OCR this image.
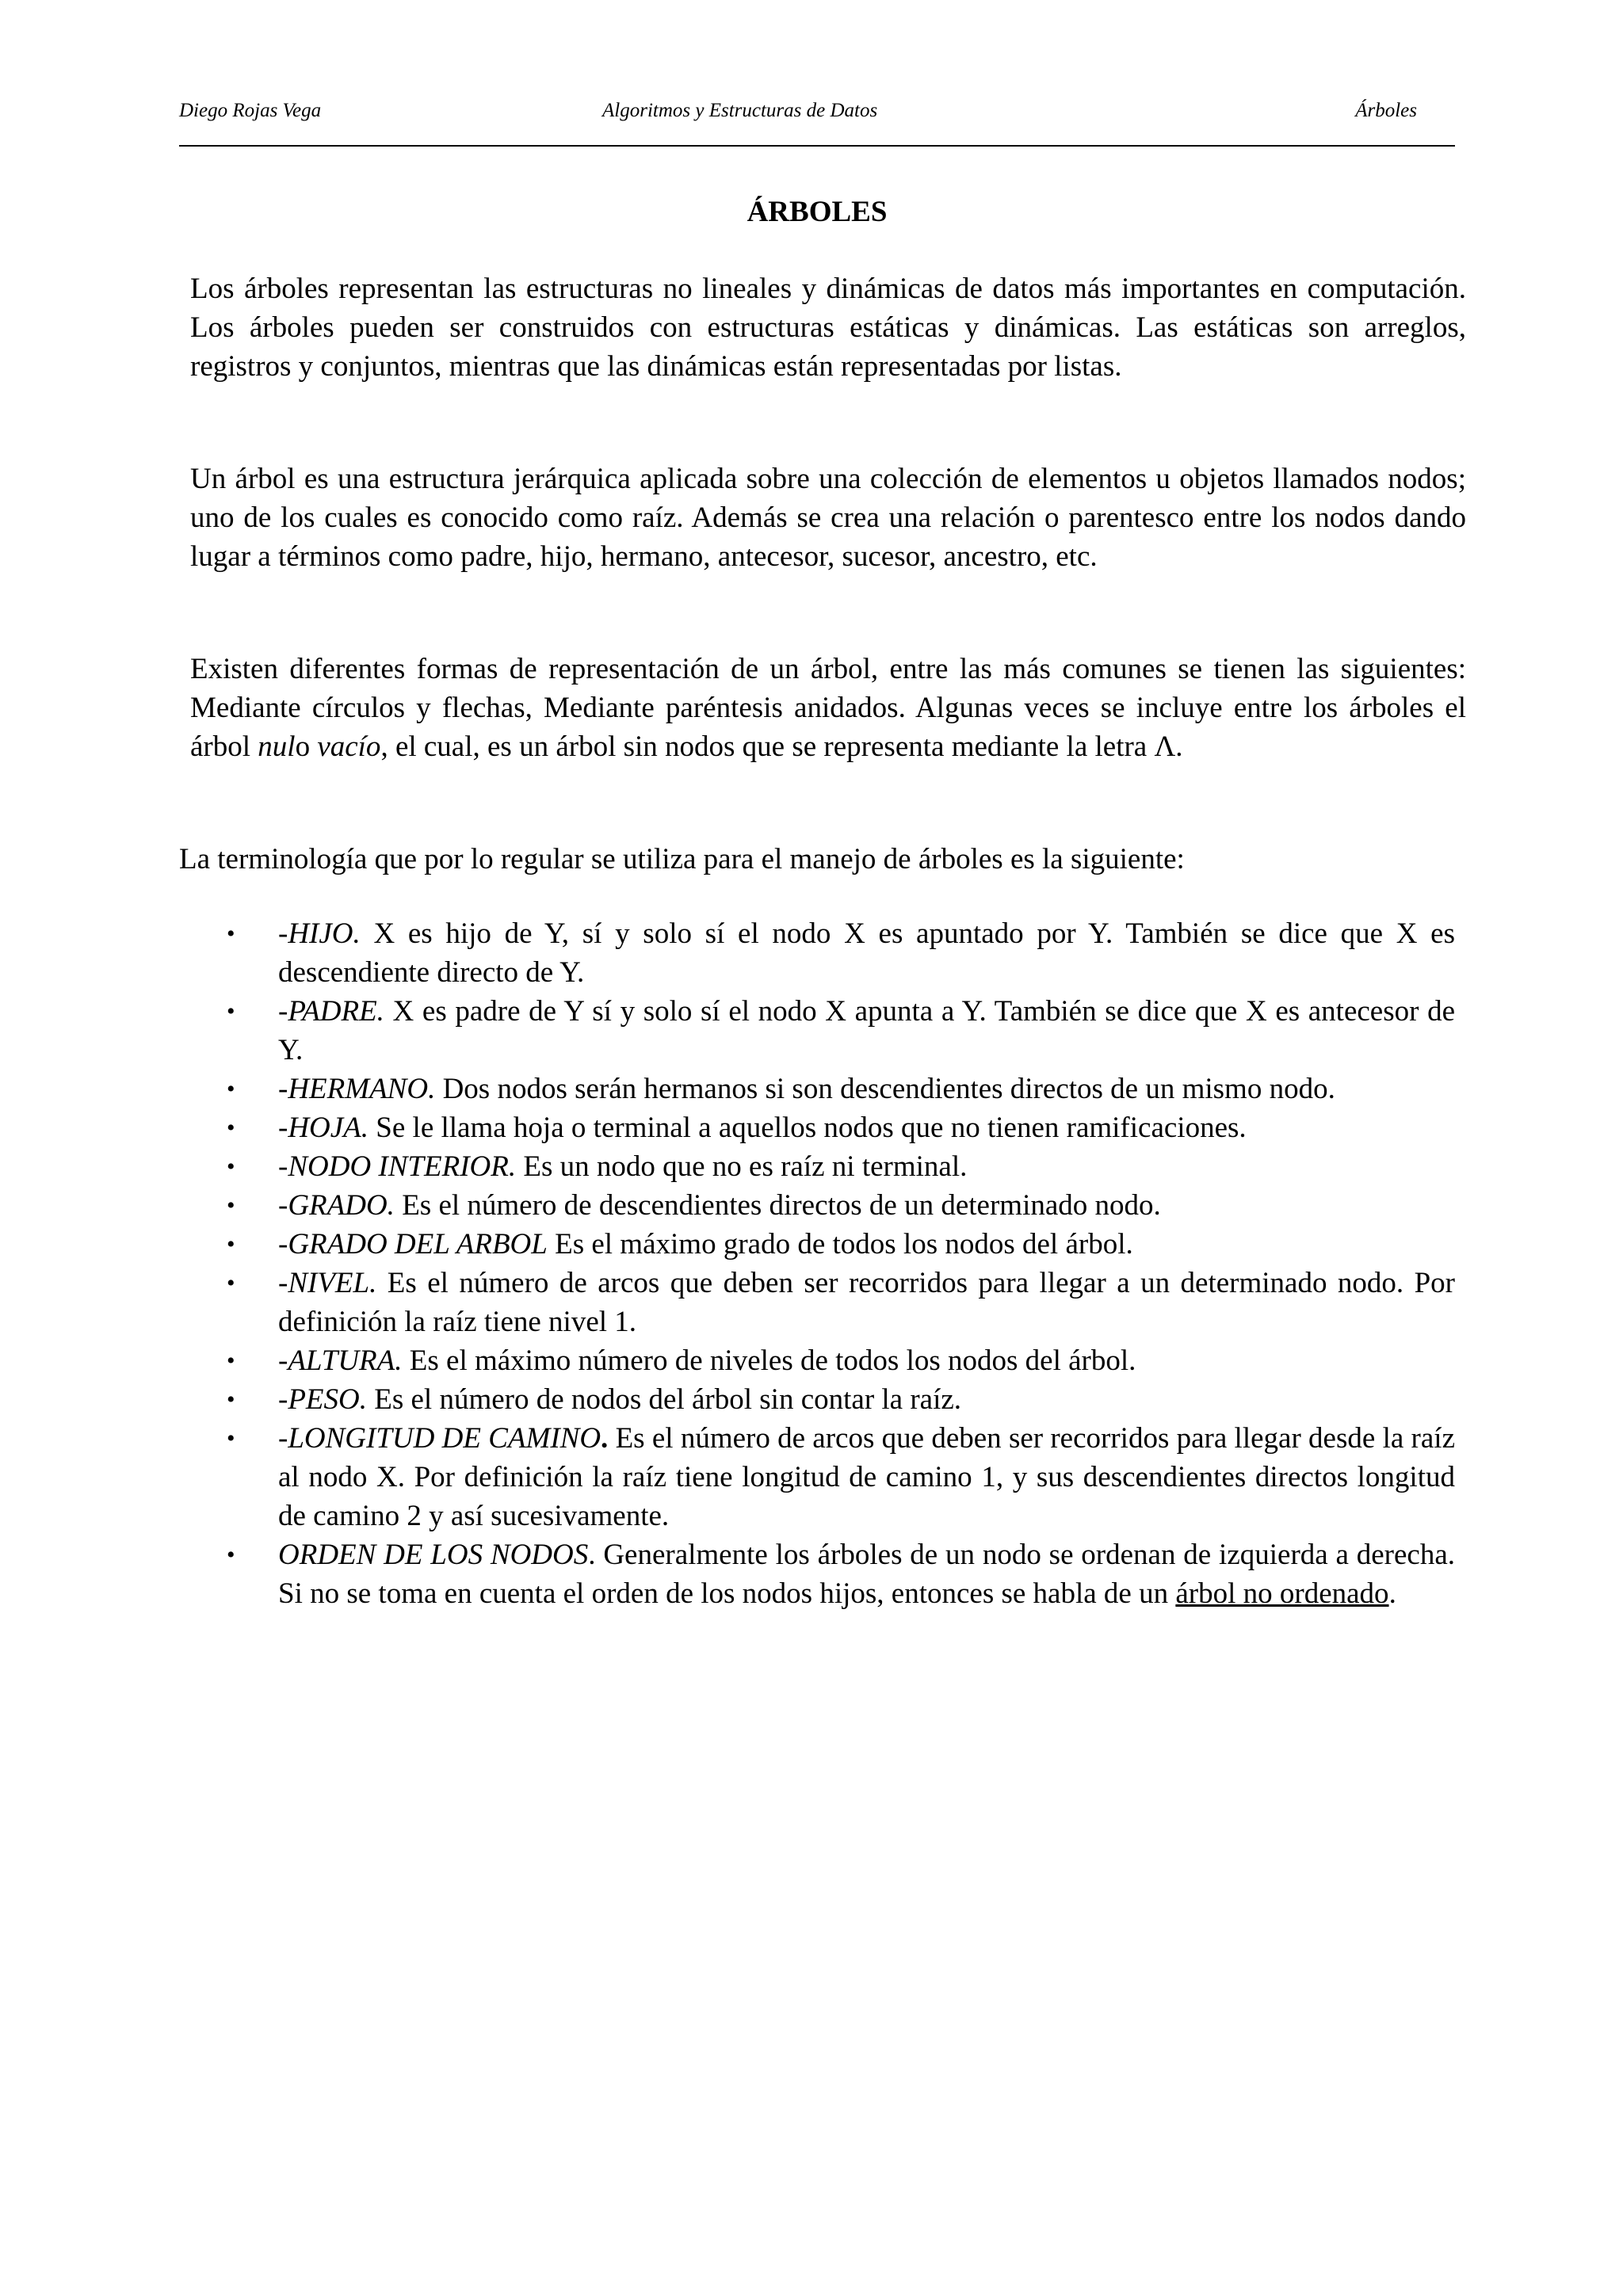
Diego Rojas Vega	Algoritmos y Estructuras de Datos	Árboles
ÁRBOLES

Los árboles representan las estructuras no lineales y dinámicas de datos más importantes en computación. Los árboles pueden ser construidos con estructuras estáticas y dinámicas. Las estáticas son arreglos, registros y conjuntos, mientras que las dinámicas están representadas por listas.

Un árbol es una estructura jerárquica aplicada sobre una colección de elementos u objetos llamados nodos; uno de los cuales es conocido como raíz. Además se crea una relación o parentesco entre los nodos dando lugar a términos como padre, hijo, hermano, antecesor, sucesor, ancestro, etc.

Existen diferentes formas de representación de un árbol, entre las más comunes se tienen las siguientes: Mediante círculos y flechas, Mediante paréntesis anidados. Algunas veces se incluye entre los árboles el árbol nulo vacío, el cual, es un árbol sin nodos que se representa mediante la letra Λ.

La terminología que por lo regular se utiliza para el manejo de árboles es la siguiente:

• -HIJO. X es hijo de Y, sí y solo sí el nodo X es apuntado por Y. También se dice que X es descendiente directo de Y.
• -PADRE. X es padre de Y sí y solo sí el nodo X apunta a Y. También se dice que X es antecesor de Y.
• -HERMANO. Dos nodos serán hermanos si son descendientes directos de un mismo nodo.
• -HOJA. Se le llama hoja o terminal a aquellos nodos que no tienen ramificaciones.
• -NODO INTERIOR. Es un nodo que no es raíz ni terminal.
• -GRADO. Es el número de descendientes directos de un determinado nodo.
• -GRADO DEL ARBOL Es el máximo grado de todos los nodos del árbol.
• -NIVEL. Es el número de arcos que deben ser recorridos para llegar a un determinado nodo. Por definición la raíz tiene nivel 1.
• -ALTURA. Es el máximo número de niveles de todos los nodos del árbol.
• -PESO. Es el número de nodos del árbol sin contar la raíz.
• -LONGITUD DE CAMINO. Es el número de arcos que deben ser recorridos para llegar desde la raíz al nodo X. Por definición la raíz tiene longitud de camino 1, y sus descendientes directos longitud de camino 2 y así sucesivamente.
• ORDEN DE LOS NODOS. Generalmente los árboles de un nodo se ordenan de izquierda a derecha. Si no se toma en cuenta el orden de los nodos hijos, entonces se habla de un árbol no ordenado.
